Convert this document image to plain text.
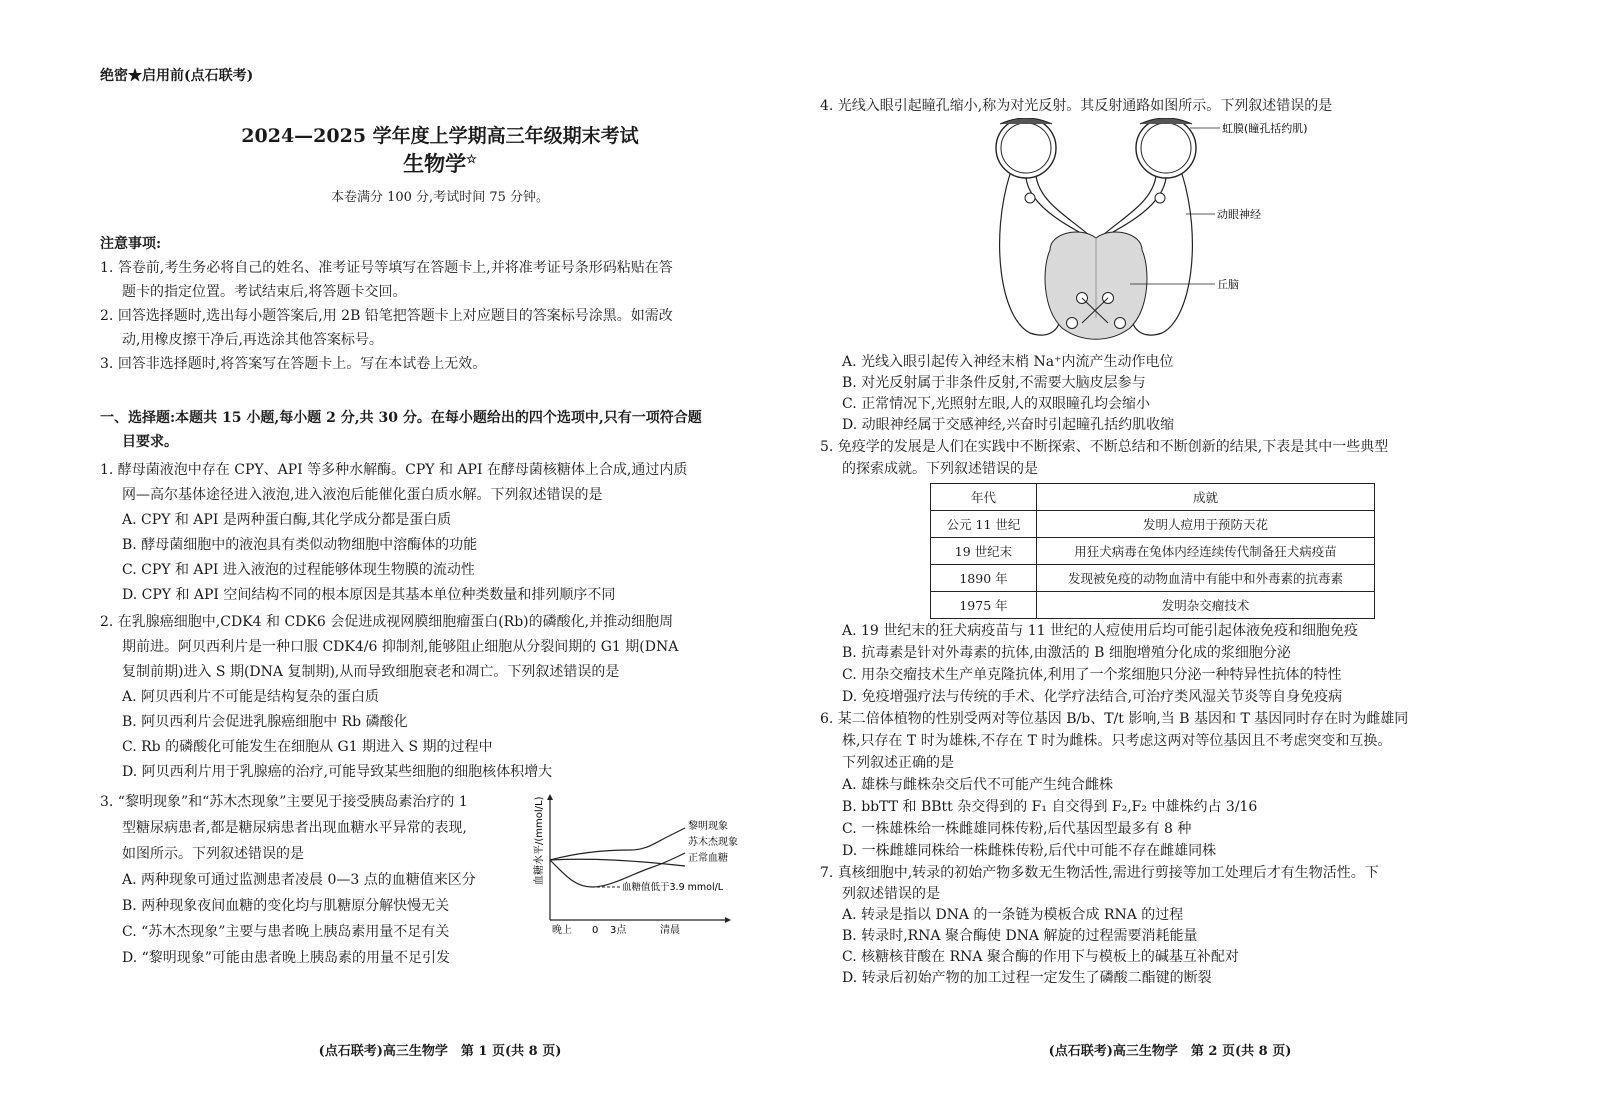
绝密★启用前(点石联考)
2024—2025 学年度上学期高三年级期末考试
生物学☆
本卷满分 100 分,考试时间 75 分钟。
注意事项:
1. 答卷前,考生务必将自己的姓名、准考证号等填写在答题卡上,并将准考证号条形码粘贴在答
题卡的指定位置。考试结束后,将答题卡交回。
2. 回答选择题时,选出每小题答案后,用 2B 铅笔把答题卡上对应题目的答案标号涂黑。如需改
动,用橡皮擦干净后,再选涂其他答案标号。
3. 回答非选择题时,将答案写在答题卡上。写在本试卷上无效。
一、选择题:本题共 15 小题,每小题 2 分,共 30 分。在每小题给出的四个选项中,只有一项符合题
目要求。
1. 酵母菌液泡中存在 CPY、API 等多种水解酶。CPY 和 API 在酵母菌核糖体上合成,通过内质
网—高尔基体途径进入液泡,进入液泡后能催化蛋白质水解。下列叙述错误的是
A. CPY 和 API 是两种蛋白酶,其化学成分都是蛋白质
B. 酵母菌细胞中的液泡具有类似动物细胞中溶酶体的功能
C. CPY 和 API 进入液泡的过程能够体现生物膜的流动性
D. CPY 和 API 空间结构不同的根本原因是其基本单位种类数量和排列顺序不同
2. 在乳腺癌细胞中,CDK4 和 CDK6 会促进成视网膜细胞瘤蛋白(Rb)的磷酸化,并推动细胞周
期前进。阿贝西利片是一种口服 CDK4/6 抑制剂,能够阻止细胞从分裂间期的 G1 期(DNA
复制前期)进入 S 期(DNA 复制期),从而导致细胞衰老和凋亡。下列叙述错误的是
A. 阿贝西利片不可能是结构复杂的蛋白质
B. 阿贝西利片会促进乳腺癌细胞中 Rb 磷酸化
C. Rb 的磷酸化可能发生在细胞从 G1 期进入 S 期的过程中
D. 阿贝西利片用于乳腺癌的治疗,可能导致某些细胞的细胞核体积增大
3. “黎明现象”和“苏木杰现象”主要见于接受胰岛素治疗的 1
型糖尿病患者,都是糖尿病患者出现血糖水平异常的表现,
如图所示。下列叙述错误的是
A. 两种现象可通过监测患者凌晨 0—3 点的血糖值来区分
B. 两种现象夜间血糖的变化均与肌糖原分解快慢无关
C. “苏木杰现象”主要与患者晚上胰岛素用量不足有关
D. “黎明现象”可能由患者晚上胰岛素的用量不足引发
血糖水平/(mmol/L)
血糖值低于3.9 mmol/L
黎明现象
苏木杰现象
正常血糖
晚上 0 3点	清晨
(点石联考)高三生物学　第 1 页(共 8 页)
4. 光线入眼引起瞳孔缩小,称为对光反射。其反射通路如图所示。下列叙述错误的是
虹膜(瞳孔括约肌)
动眼神经
丘脑
A. 光线入眼引起传入神经末梢 Na⁺内流产生动作电位
B. 对光反射属于非条件反射,不需要大脑皮层参与
C. 正常情况下,光照射左眼,人的双眼瞳孔均会缩小
D. 动眼神经属于交感神经,兴奋时引起瞳孔括约肌收缩
5. 免疫学的发展是人们在实践中不断探索、不断总结和不断创新的结果,下表是其中一些典型
的探索成就。下列叙述错误的是
年代	成就
公元 11 世纪	发明人痘用于预防天花
19 世纪末	用狂犬病毒在兔体内经连续传代制备狂犬病疫苗
1890 年	发现被免疫的动物血清中有能中和外毒素的抗毒素
1975 年	发明杂交瘤技术
A. 19 世纪末的狂犬病疫苗与 11 世纪的人痘使用后均可能引起体液免疫和细胞免疫
B. 抗毒素是针对外毒素的抗体,由激活的 B 细胞增殖分化成的浆细胞分泌
C. 用杂交瘤技术生产单克隆抗体,利用了一个浆细胞只分泌一种特异性抗体的特性
D. 免疫增强疗法与传统的手术、化学疗法结合,可治疗类风湿关节炎等自身免疫病
6. 某二倍体植物的性别受两对等位基因 B/b、T/t 影响,当 B 基因和 T 基因同时存在时为雌雄同
株,只存在 T 时为雄株,不存在 T 时为雌株。只考虑这两对等位基因且不考虑突变和互换。
下列叙述正确的是
A. 雄株与雌株杂交后代不可能产生纯合雌株
B. bbTT 和 BBtt 杂交得到的 F₁ 自交得到 F₂,F₂ 中雄株约占 3/16
C. 一株雄株给一株雌雄同株传粉,后代基因型最多有 8 种
D. 一株雌雄同株给一株雌株传粉,后代中可能不存在雌雄同株
7. 真核细胞中,转录的初始产物多数无生物活性,需进行剪接等加工处理后才有生物活性。下
列叙述错误的是
A. 转录是指以 DNA 的一条链为模板合成 RNA 的过程
B. 转录时,RNA 聚合酶使 DNA 解旋的过程需要消耗能量
C. 核糖核苷酸在 RNA 聚合酶的作用下与模板上的碱基互补配对
D. 转录后初始产物的加工过程一定发生了磷酸二酯键的断裂
(点石联考)高三生物学　第 2 页(共 8 页)
